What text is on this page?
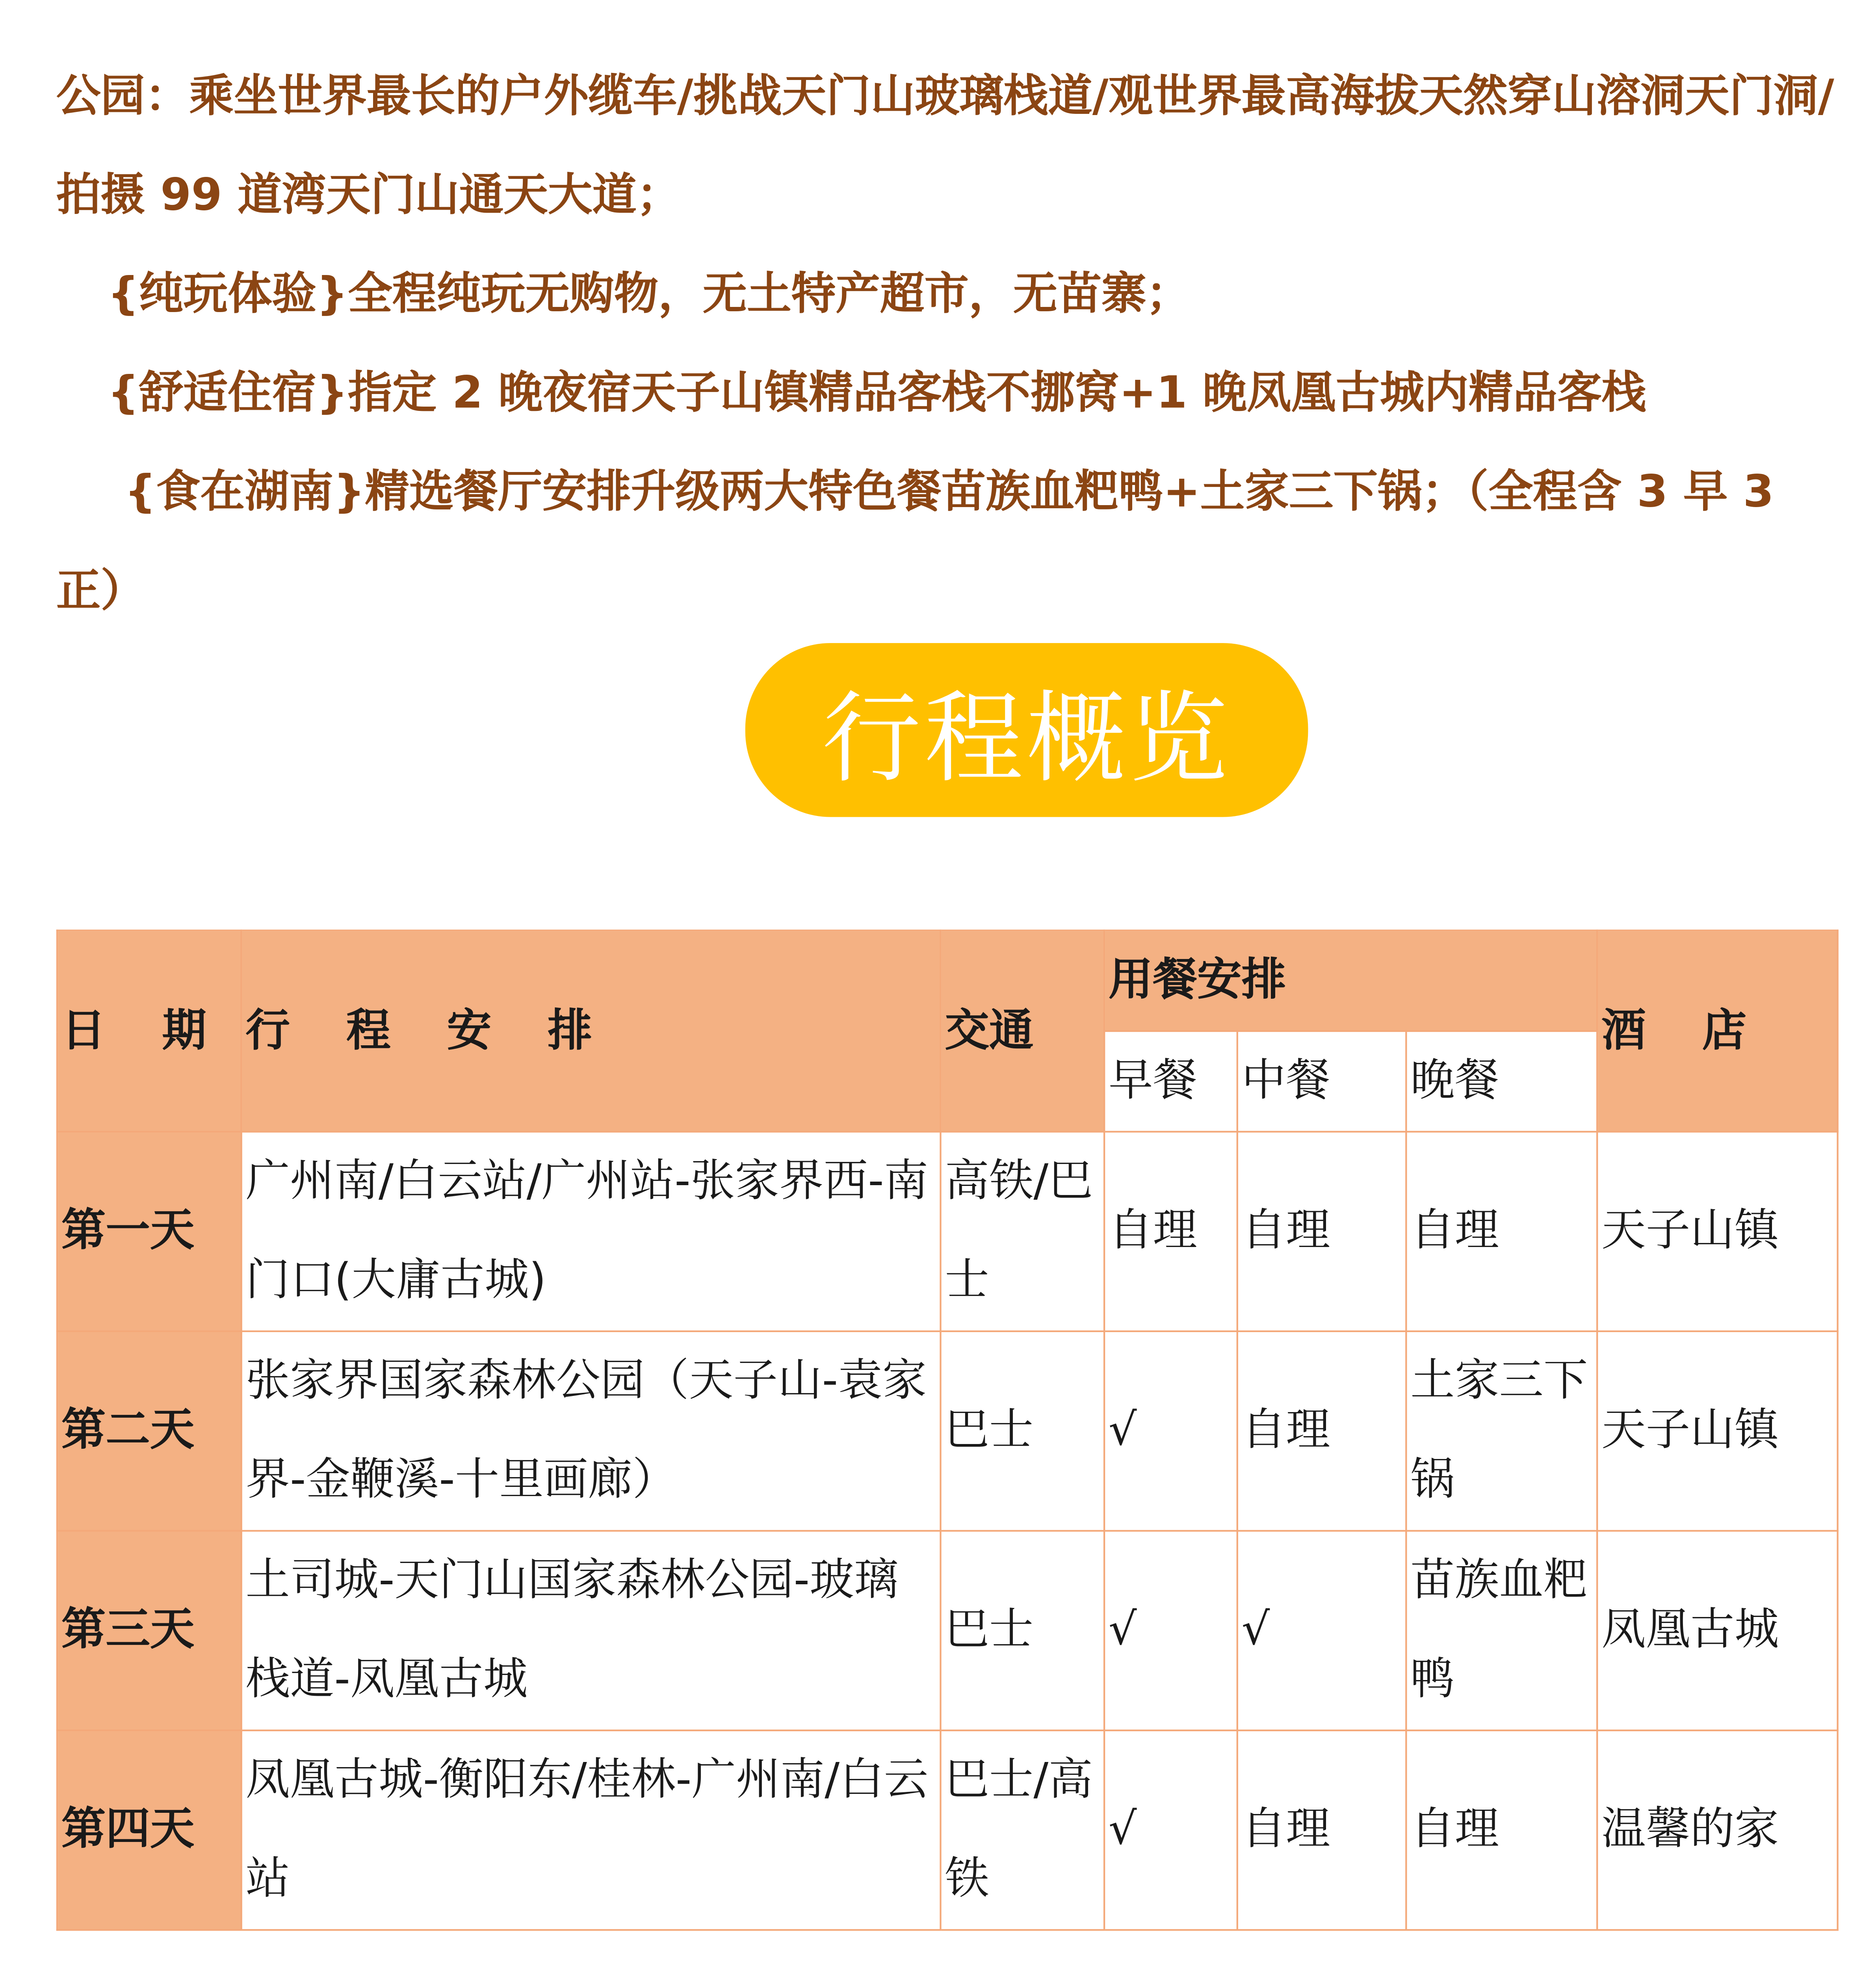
公园：乘坐世界最长的户外缆车/挑战天门山玻璃栈道/观世界最高海拔天然穿山溶洞天门洞/拍摄 99 道湾天门山通天大道；

{纯玩体验}全程纯玩无购物，无土特产超市，无苗寨；

{舒适住宿}指定 2 晚夜宿天子山镇精品客栈不挪窝+1 晚凤凰古城内精品客栈

{食在湖南}精选餐厅安排升级两大特色餐苗族血粑鸭+土家三下锅；（全程含 3 早 3 正）

行程概览
日 期	行 程 安 排	交通	用餐安排			酒 店
			早餐	中餐	晚餐	
第一天	广州南/白云站/广州站-张家界西-南门口(大庸古城)	高铁/巴士	自理	自理	自理	天子山镇
第二天	张家界国家森林公园（天子山-袁家界-金鞭溪-十里画廊）	巴士	√	自理	土家三下锅	天子山镇
第三天	土司城-天门山国家森林公园-玻璃栈道-凤凰古城	巴士	√	√	苗族血粑鸭	凤凰古城
第四天	凤凰古城-衡阳东/桂林-广州南/白云站	巴士/高铁	√	自理	自理	温馨的家
